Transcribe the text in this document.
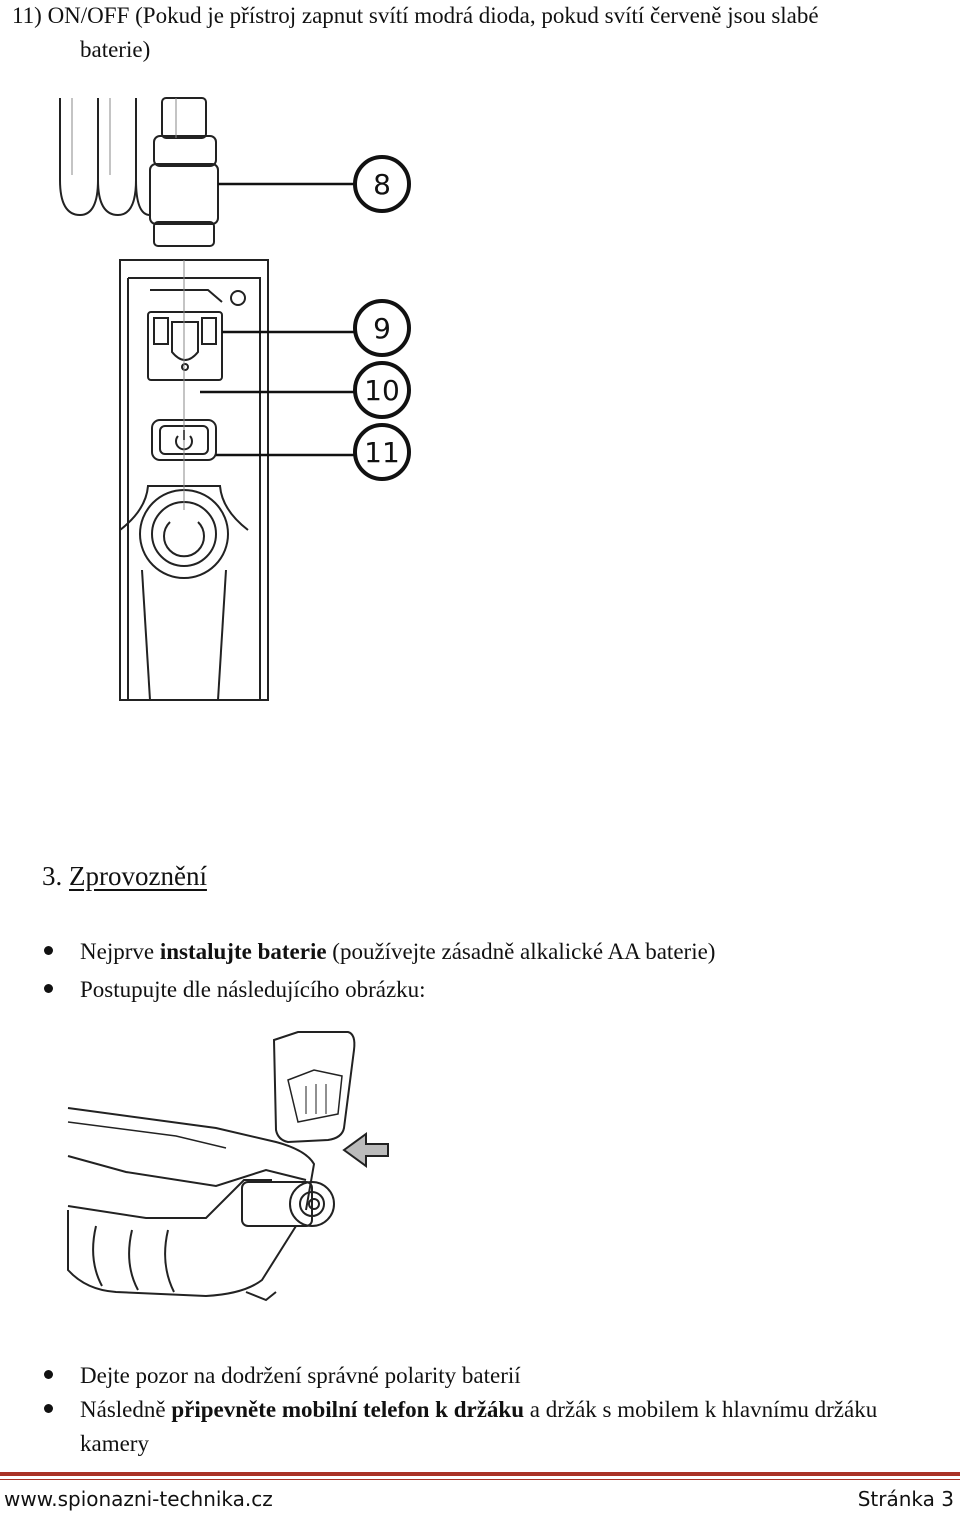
11) ON/OFF (Pokud je přístroj zapnut svítí modrá dioda, pokud svítí červeně jsou slabé
baterie)
8
9
10
11
3. Zprovoznění
Nejprve instalujte baterie (používejte zásadně alkalické AA baterie)
Postupujte dle následujícího obrázku:
Dejte pozor na dodržení správné polarity baterií
Následně připevněte mobilní telefon k držáku a držák s mobilem k hlavnímu držáku
kamery
www.spionazni-technika.cz	Stránka 3
